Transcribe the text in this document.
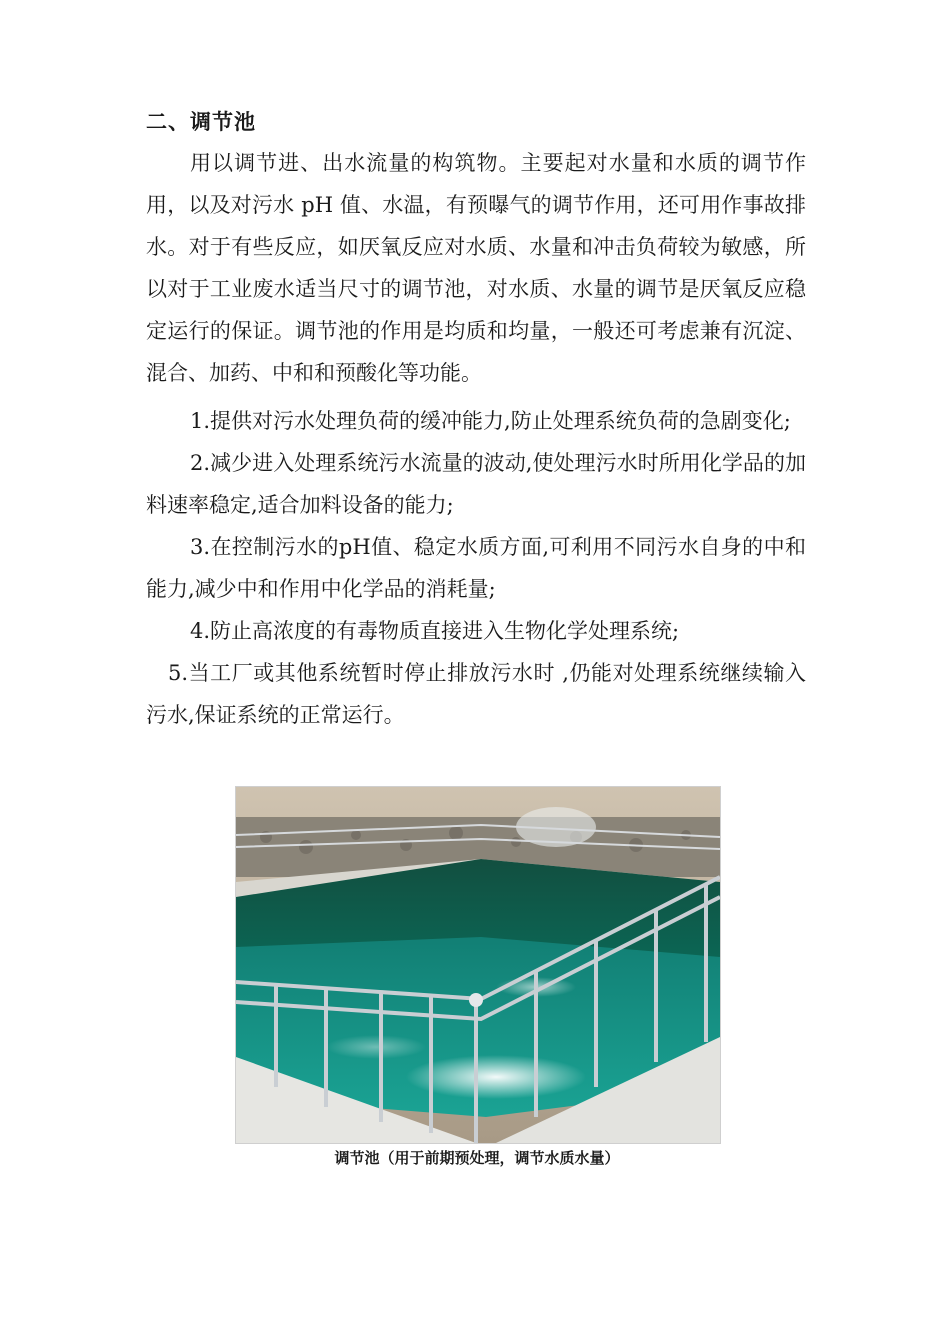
二、调节池

用以调节进、出水流量的构筑物。主要起对水量和水质的调节作用，以及对污水 pH 值、水温，有预曝气的调节作用，还可用作事故排水。对于有些反应，如厌氧反应对水质、水量和冲击负荷较为敏感，所以对于工业废水适当尺寸的调节池，对水质、水量的调节是厌氧反应稳定运行的保证。调节池的作用是均质和均量，一般还可考虑兼有沉淀、混合、加药、中和和预酸化等功能。

1.提供对污水处理负荷的缓冲能力,防止处理系统负荷的急剧变化;

2.减少进入处理系统污水流量的波动,使处理污水时所用化学品的加料速率稳定,适合加料设备的能力;

3.在控制污水的pH值、稳定水质方面,可利用不同污水自身的中和能力,减少中和作用中化学品的消耗量;

4.防止高浓度的有毒物质直接进入生物化学处理系统;

5.当工厂或其他系统暂时停止排放污水时 ,仍能对处理系统继续输入污水,保证系统的正常运行。

调节池（用于前期预处理，调节水质水量）
